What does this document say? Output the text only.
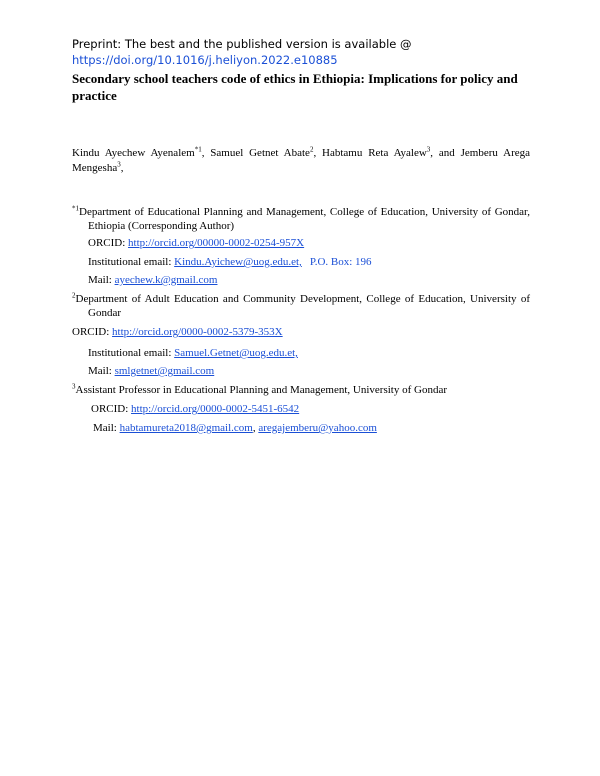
Preprint: The best and the published version is available @
https://doi.org/10.1016/j.heliyon.2022.e10885
Secondary school teachers code of ethics in Ethiopia: Implications for policy and practice
Kindu Ayechew Ayenalem$^{*1}$, Samuel Getnet Abate$^2$, Habtamu Reta Ayalew$^3$, and Jemberu Arega Mengesha$^3$,
$^{*1}$Department of Educational Planning and Management, College of Education, University of Gondar, Ethiopia (Corresponding Author)
ORCID: http://orcid.org/00000-0002-0254-957X
Institutional email: Kindu.Ayichew@uog.edu.et, P.O. Box: 196
Mail: ayechew.k@gmail.com
$^2$Department of Adult Education and Community Development, College of Education, University of Gondar
ORCID: http://orcid.org/0000-0002-5379-353X
Institutional email: Samuel.Getnet@uog.edu.et,
Mail: smlgetnet@gmail.com
$^3$Assistant Professor in Educational Planning and Management, University of Gondar
ORCID: http://orcid.org/0000-0002-5451-6542
Mail: habtamureta2018@gmail.com, aregajemberu@yahoo.com
